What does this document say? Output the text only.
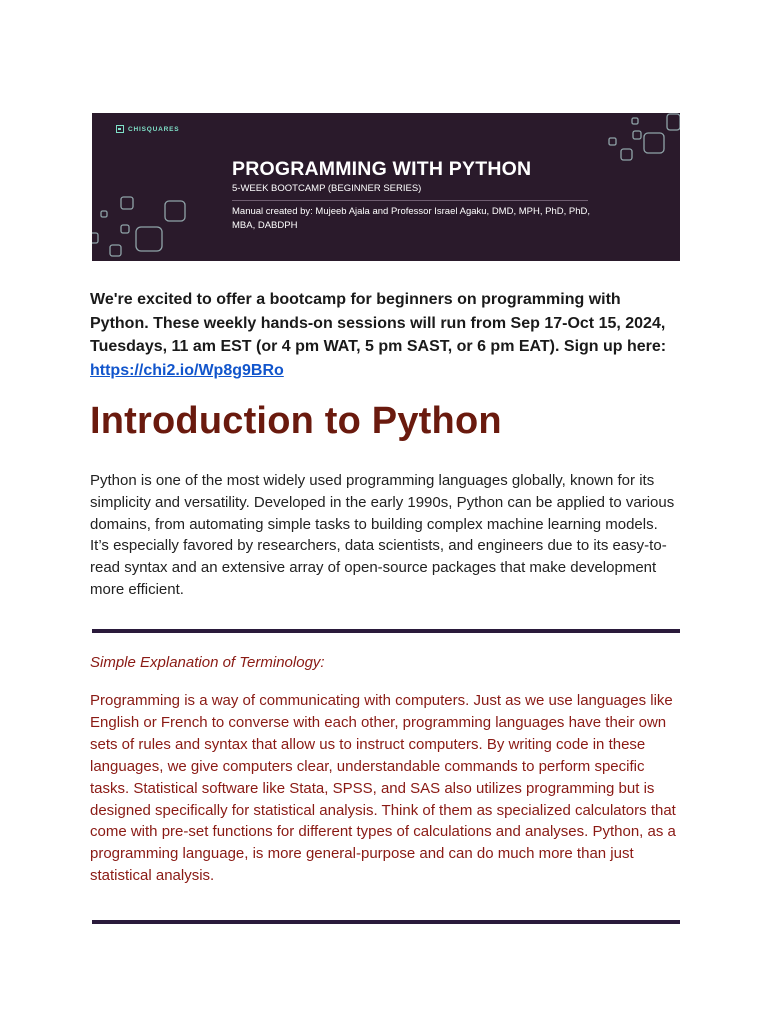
CHISQUARES
PROGRAMMING WITH PYTHON
5-WEEK BOOTCAMP (BEGINNER SERIES)
Manual created by: Mujeeb Ajala and Professor Israel Agaku, DMD, MPH, PhD, PhD, MBA, DABDPH

We're excited to offer a bootcamp for beginners on programming with Python. These weekly hands-on sessions will run from Sep 17-Oct 15, 2024, Tuesdays, 11 am EST (or 4 pm WAT, 5 pm SAST, or 6 pm EAT). Sign up here: https://chi2.io/Wp8g9BRo

Introduction to Python

Python is one of the most widely used programming languages globally, known for its simplicity and versatility. Developed in the early 1990s, Python can be applied to various domains, from automating simple tasks to building complex machine learning models. It’s especially favored by researchers, data scientists, and engineers due to its easy-to-read syntax and an extensive array of open-source packages that make development more efficient.

Simple Explanation of Terminology:

Programming is a way of communicating with computers. Just as we use languages like English or French to converse with each other, programming languages have their own sets of rules and syntax that allow us to instruct computers. By writing code in these languages, we give computers clear, understandable commands to perform specific tasks. Statistical software like Stata, SPSS, and SAS also utilizes programming but is designed specifically for statistical analysis. Think of them as specialized calculators that come with pre-set functions for different types of calculations and analyses. Python, as a programming language, is more general-purpose and can do much more than just statistical analysis.
